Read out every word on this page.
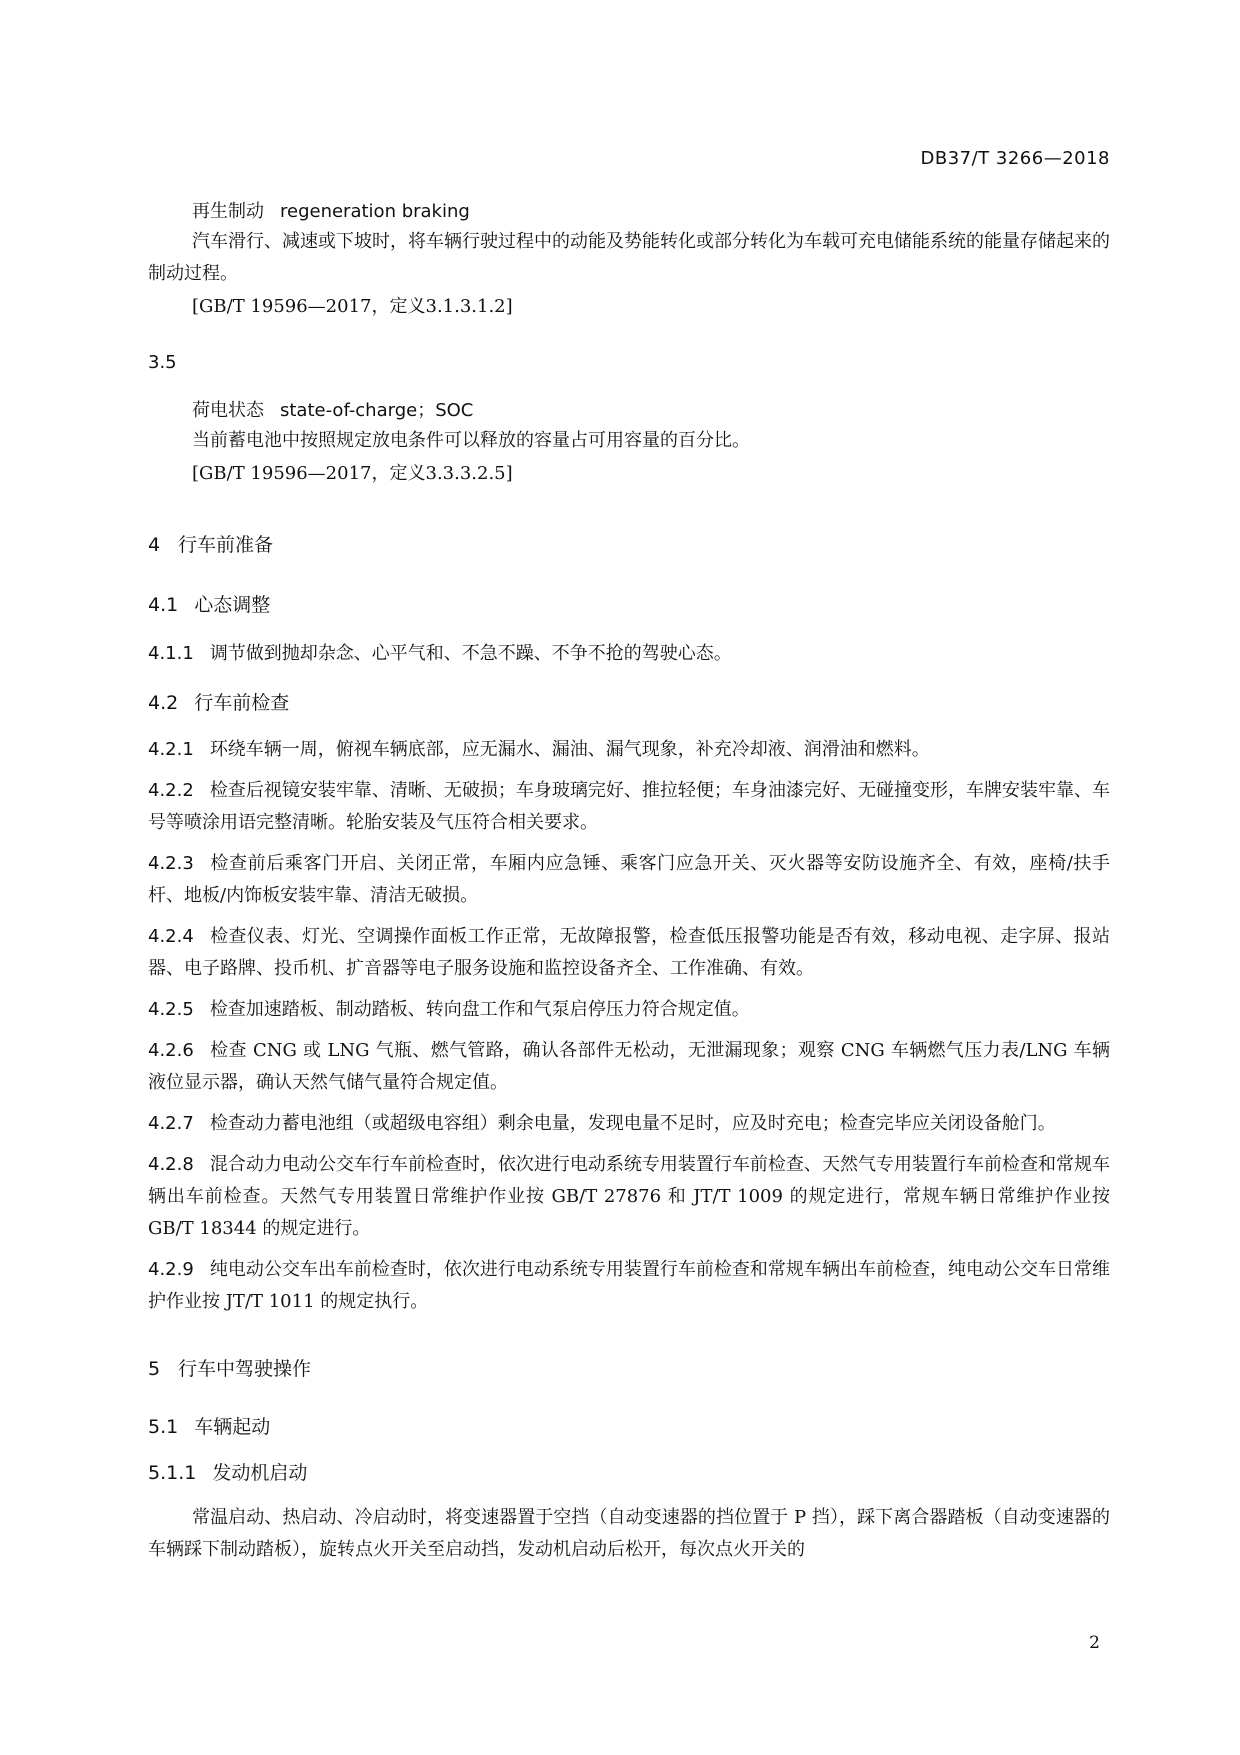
DB37/T 3266—2018
再生制动 regeneration braking
汽车滑行、减速或下坡时，将车辆行驶过程中的动能及势能转化或部分转化为车载可充电储能系统的能量存储起来的制动过程。
[GB/T 19596—2017，定义3.1.3.1.2]
3.5
荷电状态 state-of-charge；SOC
当前蓄电池中按照规定放电条件可以释放的容量占可用容量的百分比。
[GB/T 19596—2017，定义3.3.3.2.5]
4 行车前准备
4.1 心态调整
4.1.1 调节做到抛却杂念、心平气和、不急不躁、不争不抢的驾驶心态。
4.2 行车前检查
4.2.1 环绕车辆一周，俯视车辆底部，应无漏水、漏油、漏气现象，补充冷却液、润滑油和燃料。
4.2.2 检查后视镜安装牢靠、清晰、无破损；车身玻璃完好、推拉轻便；车身油漆完好、无碰撞变形，车牌安装牢靠、车号等喷涂用语完整清晰。轮胎安装及气压符合相关要求。
4.2.3 检查前后乘客门开启、关闭正常，车厢内应急锤、乘客门应急开关、灭火器等安防设施齐全、有效，座椅/扶手杆、地板/内饰板安装牢靠、清洁无破损。
4.2.4 检查仪表、灯光、空调操作面板工作正常，无故障报警，检查低压报警功能是否有效，移动电视、走字屏、报站器、电子路牌、投币机、扩音器等电子服务设施和监控设备齐全、工作准确、有效。
4.2.5 检查加速踏板、制动踏板、转向盘工作和气泵启停压力符合规定值。
4.2.6 检查 CNG 或 LNG 气瓶、燃气管路，确认各部件无松动，无泄漏现象；观察 CNG 车辆燃气压力表/LNG 车辆液位显示器，确认天然气储气量符合规定值。
4.2.7 检查动力蓄电池组（或超级电容组）剩余电量，发现电量不足时，应及时充电；检查完毕应关闭设备舱门。
4.2.8 混合动力电动公交车行车前检查时，依次进行电动系统专用装置行车前检查、天然气专用装置行车前检查和常规车辆出车前检查。天然气专用装置日常维护作业按 GB/T 27876 和 JT/T 1009 的规定进行，常规车辆日常维护作业按 GB/T 18344 的规定进行。
4.2.9 纯电动公交车出车前检查时，依次进行电动系统专用装置行车前检查和常规车辆出车前检查，纯电动公交车日常维护作业按 JT/T 1011 的规定执行。
5 行车中驾驶操作
5.1 车辆起动
5.1.1 发动机启动
常温启动、热启动、冷启动时，将变速器置于空挡（自动变速器的挡位置于 P 挡），踩下离合器踏板（自动变速器的车辆踩下制动踏板），旋转点火开关至启动挡，发动机启动后松开，每次点火开关的
2
